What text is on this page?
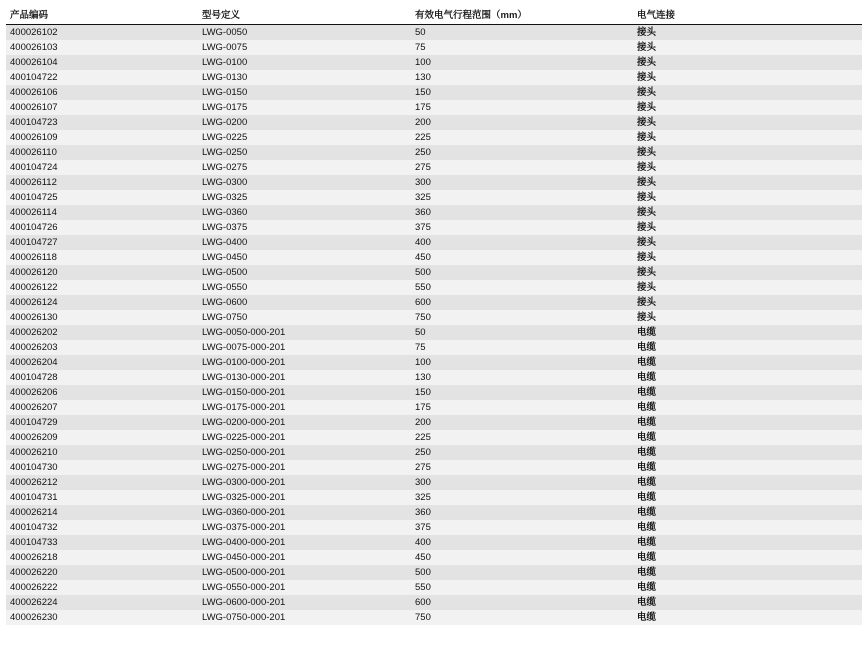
产品编码	型号定义	有效电气行程范围（mm）	电气连接
400026102	LWG-0050	50	接头
400026103	LWG-0075	75	接头
400026104	LWG-0100	100	接头
400104722	LWG-0130	130	接头
400026106	LWG-0150	150	接头
400026107	LWG-0175	175	接头
400104723	LWG-0200	200	接头
400026109	LWG-0225	225	接头
400026110	LWG-0250	250	接头
400104724	LWG-0275	275	接头
400026112	LWG-0300	300	接头
400104725	LWG-0325	325	接头
400026114	LWG-0360	360	接头
400104726	LWG-0375	375	接头
400104727	LWG-0400	400	接头
400026118	LWG-0450	450	接头
400026120	LWG-0500	500	接头
400026122	LWG-0550	550	接头
400026124	LWG-0600	600	接头
400026130	LWG-0750	750	接头
400026202	LWG-0050-000-201	50	电缆
400026203	LWG-0075-000-201	75	电缆
400026204	LWG-0100-000-201	100	电缆
400104728	LWG-0130-000-201	130	电缆
400026206	LWG-0150-000-201	150	电缆
400026207	LWG-0175-000-201	175	电缆
400104729	LWG-0200-000-201	200	电缆
400026209	LWG-0225-000-201	225	电缆
400026210	LWG-0250-000-201	250	电缆
400104730	LWG-0275-000-201	275	电缆
400026212	LWG-0300-000-201	300	电缆
400104731	LWG-0325-000-201	325	电缆
400026214	LWG-0360-000-201	360	电缆
400104732	LWG-0375-000-201	375	电缆
400104733	LWG-0400-000-201	400	电缆
400026218	LWG-0450-000-201	450	电缆
400026220	LWG-0500-000-201	500	电缆
400026222	LWG-0550-000-201	550	电缆
400026224	LWG-0600-000-201	600	电缆
400026230	LWG-0750-000-201	750	电缆
